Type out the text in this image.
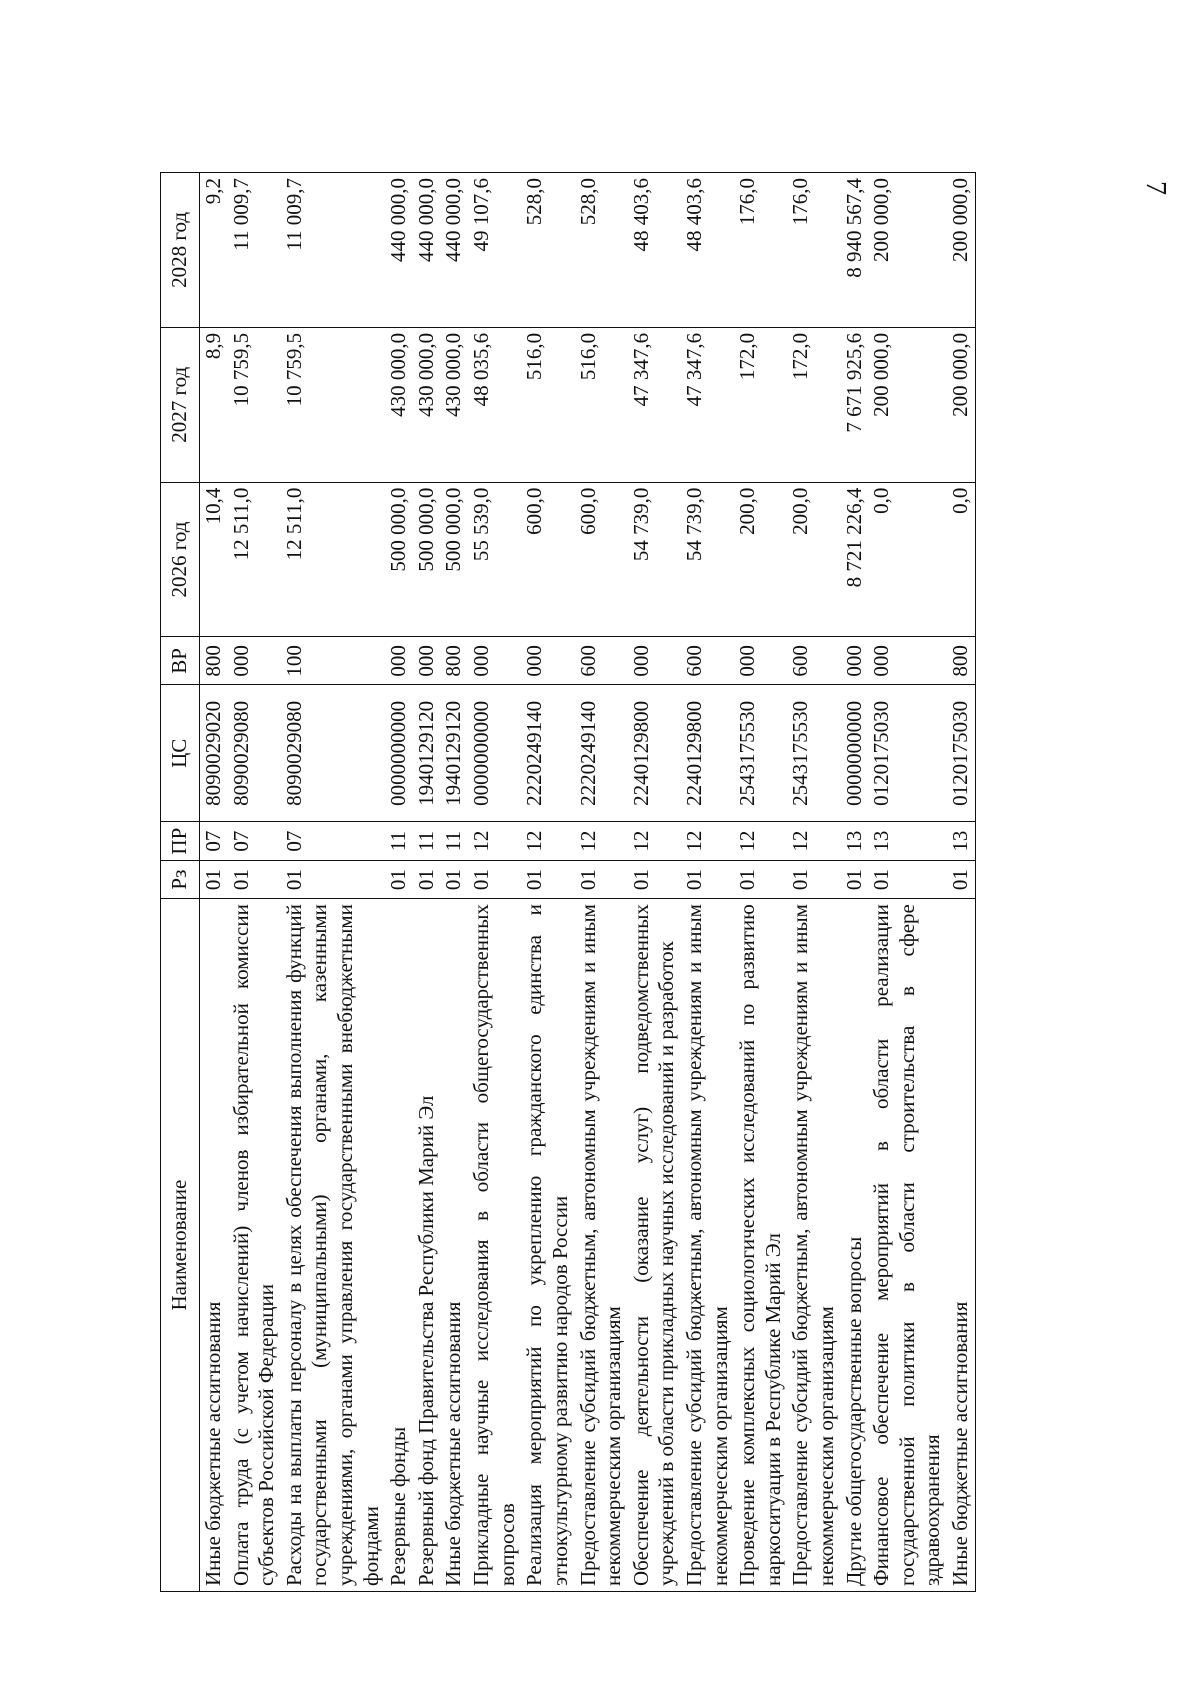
7
Наименование	Рз	ПР	ЦС	ВР	2026 год	2027 год	2028 год
Иные бюджетные ассигнования	01	07	8090029020	800	10,4	8,9	9,2
Оплата труда (с учетом начислений) членов избирательной комиссии субъектов Российской Федерации	01	07	8090029080	000	12 511,0	10 759,5	11 009,7
Расходы на выплаты персоналу в целях обеспечения выполнения функций государственными (муниципальными) органами, казенными учреждениями, органами управления государственными внебюджетными фондами	01	07	8090029080	100	12 511,0	10 759,5	11 009,7
Резервные фонды	01	11	0000000000	000	500 000,0	430 000,0	440 000,0
Резервный фонд Правительства Республики Марий Эл	01	11	1940129120	000	500 000,0	430 000,0	440 000,0
Иные бюджетные ассигнования	01	11	1940129120	800	500 000,0	430 000,0	440 000,0
Прикладные научные исследования в области общегосударственных вопросов	01	12	0000000000	000	55 539,0	48 035,6	49 107,6
Реализация мероприятий по укреплению гражданского единства и этнокультурному развитию народов России	01	12	2220249140	000	600,0	516,0	528,0
Предоставление субсидий бюджетным, автономным учреждениям и иным некоммерческим организациям	01	12	2220249140	600	600,0	516,0	528,0
Обеспечение деятельности (оказание услуг) подведомственных учреждений в области прикладных научных исследований и разработок	01	12	2240129800	000	54 739,0	47 347,6	48 403,6
Предоставление субсидий бюджетным, автономным учреждениям и иным некоммерческим организациям	01	12	2240129800	600	54 739,0	47 347,6	48 403,6
Проведение комплексных социологических исследований по развитию наркоситуации в Республике Марий Эл	01	12	2543175530	000	200,0	172,0	176,0
Предоставление субсидий бюджетным, автономным учреждениям и иным некоммерческим организациям	01	12	2543175530	600	200,0	172,0	176,0
Другие общегосударственные вопросы	01	13	0000000000	000	8 721 226,4	7 671 925,6	8 940 567,4
Финансовое обеспечение мероприятий в области реализации государственной политики в области строительства в сфере здравоохранения	01	13	0120175030	000	0,0	200 000,0	200 000,0
Иные бюджетные ассигнования	01	13	0120175030	800	0,0	200 000,0	200 000,0
